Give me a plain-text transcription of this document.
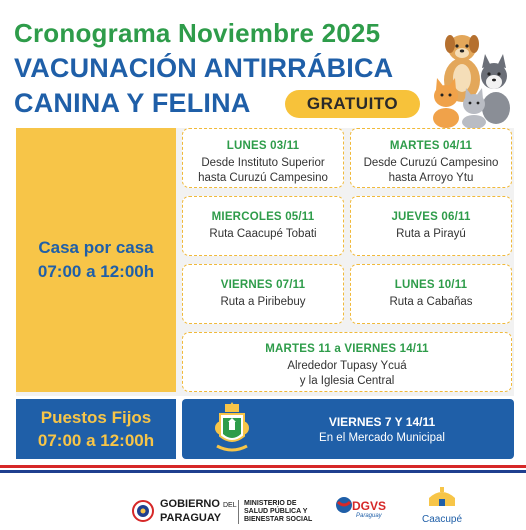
Cronograma Noviembre 2025
VACUNACIÓN ANTIRRÁBICA
CANINA Y FELINA	GRATUITO
Casa por casa
07:00 a 12:00h
LUNES 03/11
Desde Instituto Superior
hasta Curuzú Campesino
MARTES 04/11
Desde Curuzú Campesino
hasta Arroyo Ytu
MIERCOLES 05/11
Ruta Caacupé Tobati
JUEVES 06/11
Ruta a Pirayú
VIERNES 07/11
Ruta a Piribebuy
LUNES 10/11
Ruta a Cabañas
MARTES 11 a VIERNES 14/11
Alrededor Tupasy Ycuá
y la Iglesia Central
Puestos Fijos
07:00 a 12:00h
VIERNES 7 Y 14/11
En el Mercado Municipal
GOBIERNO DEL
PARAGUAY
MINISTERIO DE
SALUD PÚBLICA Y
BIENESTAR SOCIAL
DGVS
Paraguay	Caacupé
